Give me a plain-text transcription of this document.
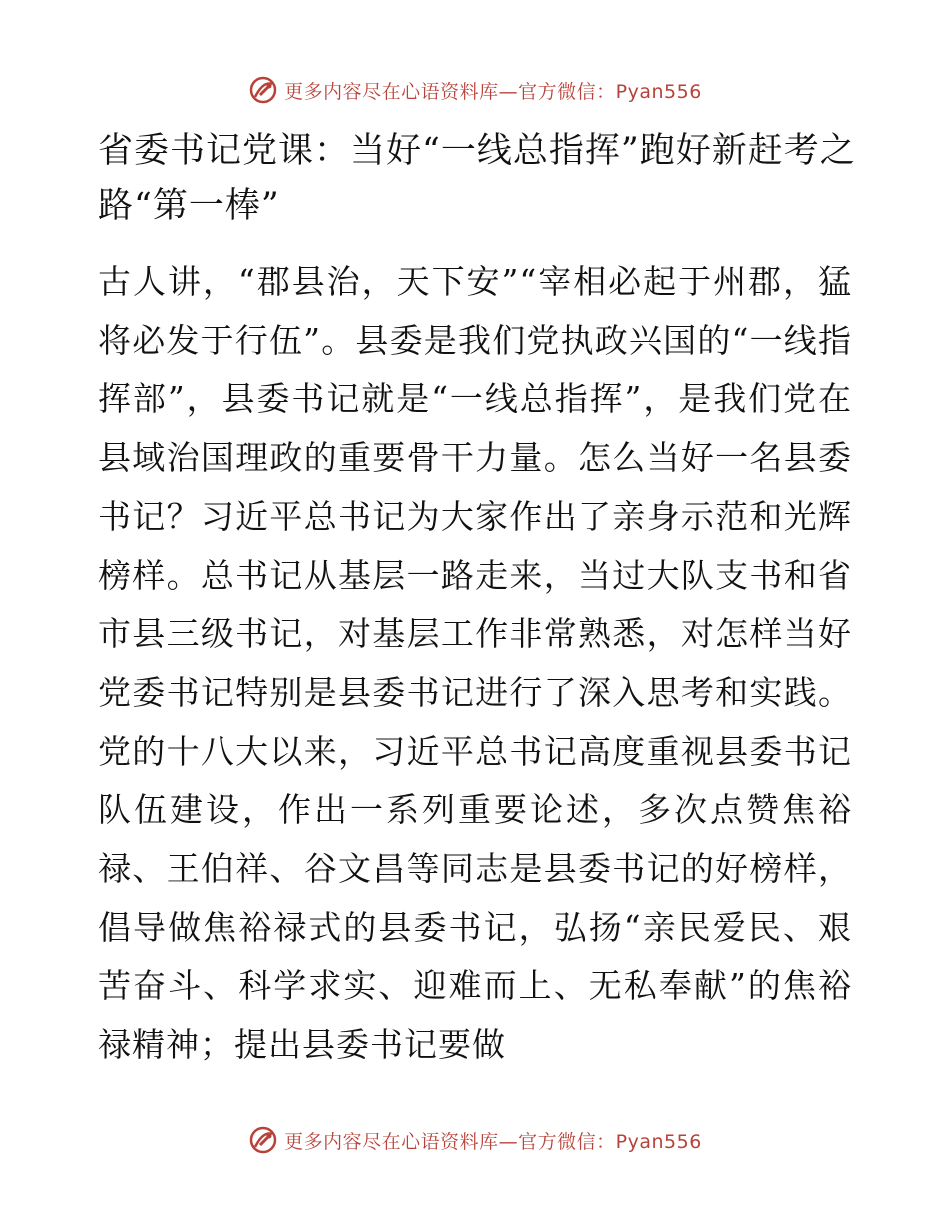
更多内容尽在心语资料库—官方微信：Pyan556
省委书记党课：当好“一线总指挥”跑好新赶考之路“第一棒”

古人讲，“郡县治，天下安”“宰相必起于州郡，猛将必发于行伍”。县委是我们党执政兴国的“一线指挥部”，县委书记就是“一线总指挥”，是我们党在县域治国理政的重要骨干力量。怎么当好一名县委书记？习近平总书记为大家作出了亲身示范和光辉榜样。总书记从基层一路走来，当过大队支书和省市县三级书记，对基层工作非常熟悉，对怎样当好党委书记特别是县委书记进行了深入思考和实践。党的十八大以来，习近平总书记高度重视县委书记队伍建设，作出一系列重要论述，多次点赞焦裕禄、王伯祥、谷文昌等同志是县委书记的好榜样，倡导做焦裕禄式的县委书记，弘扬“亲民爱民、艰苦奋斗、科学求实、迎难而上、无私奉献”的焦裕禄精神；提出县委书记要做

更多内容尽在心语资料库—官方微信：Pyan556
